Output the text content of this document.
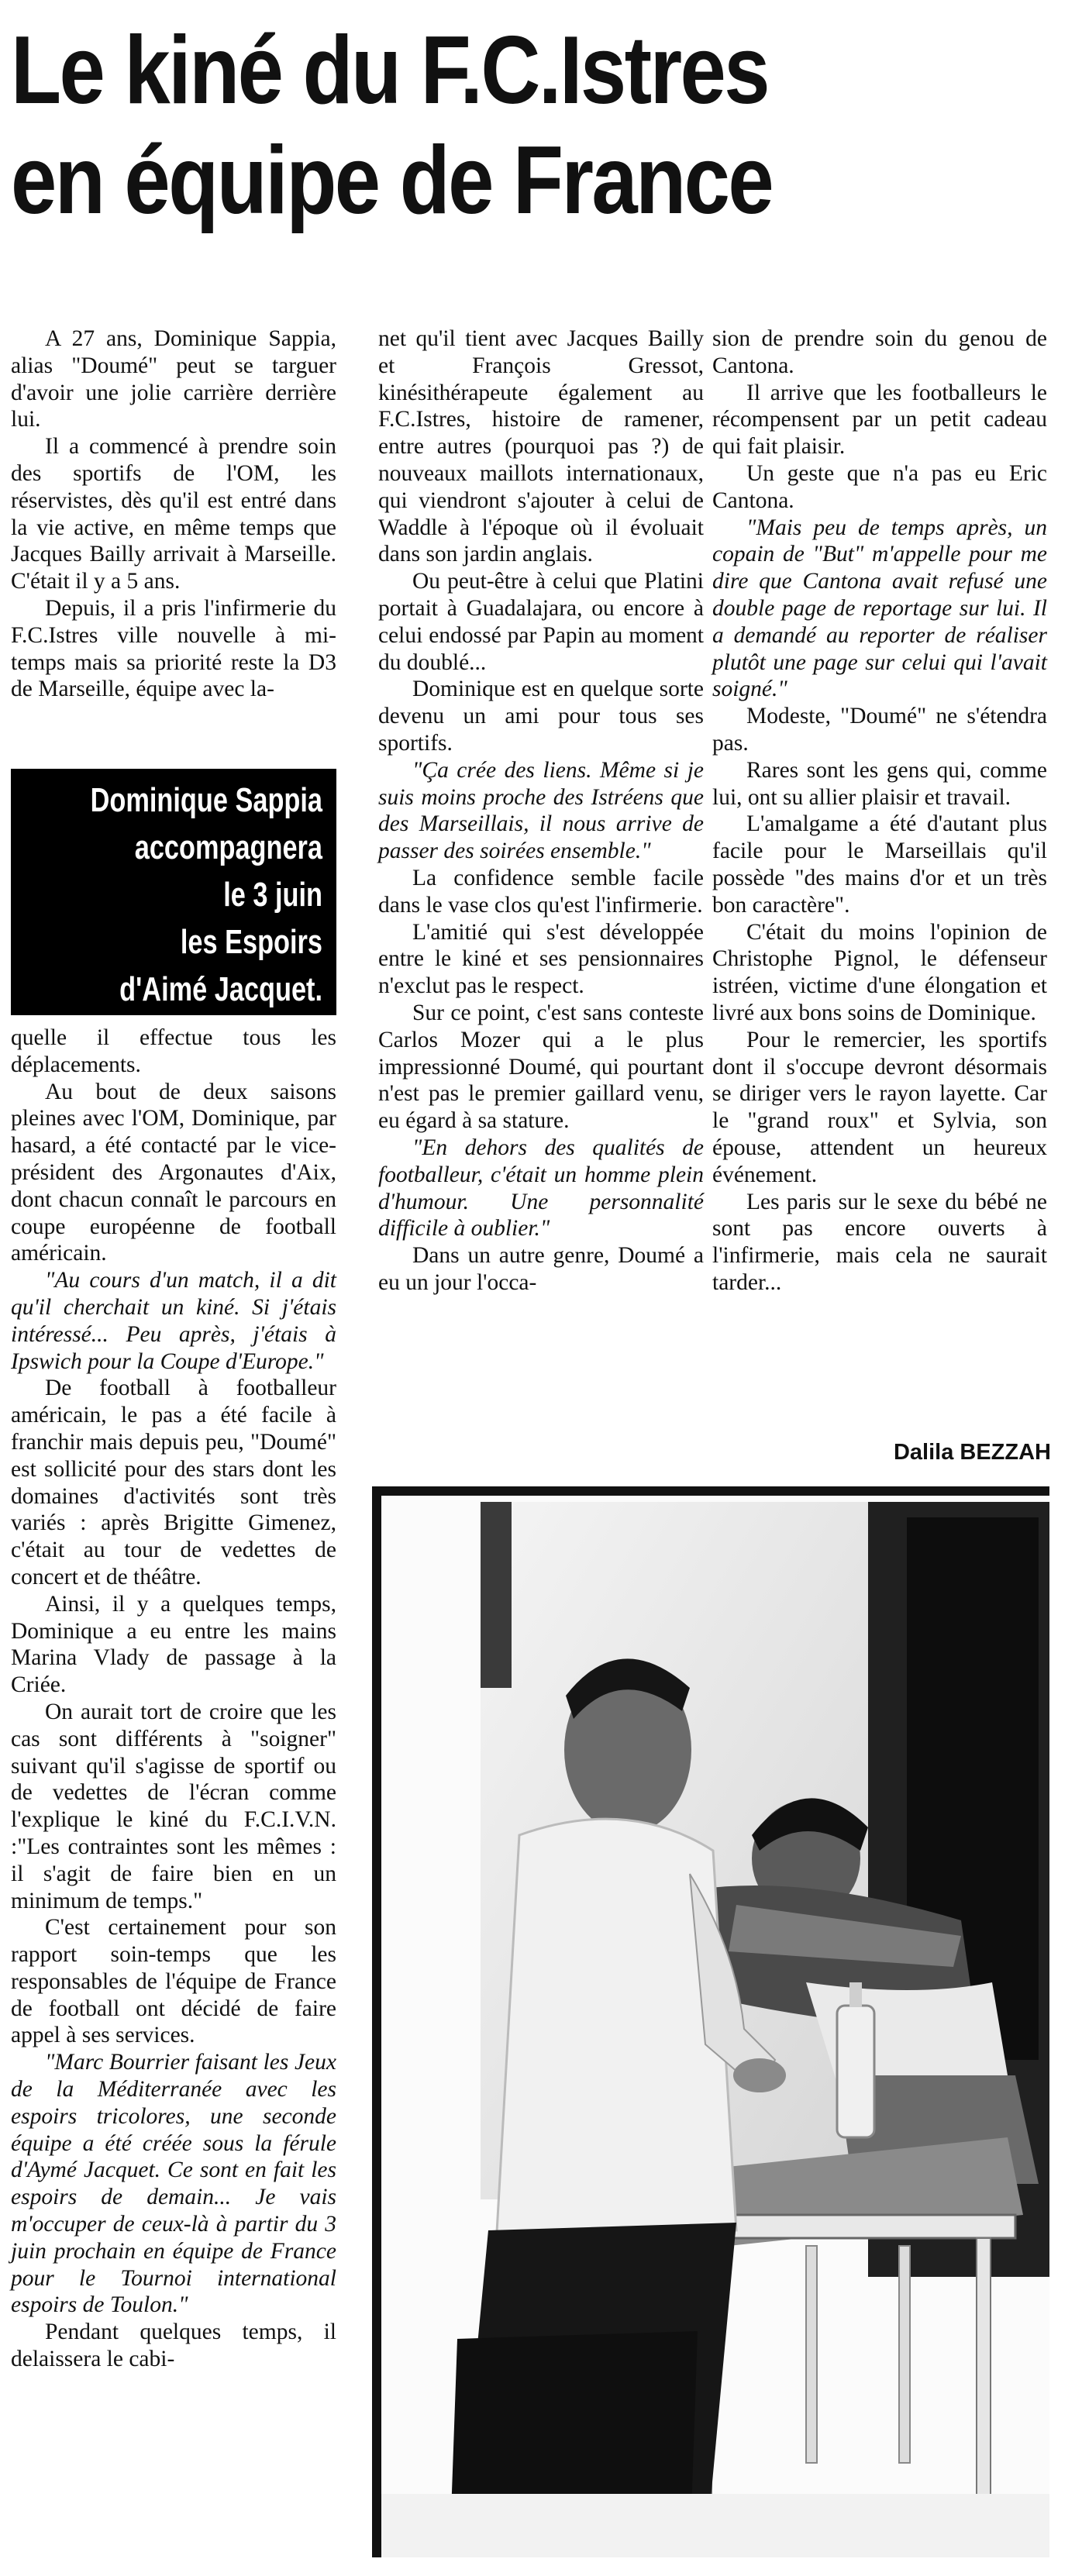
Le kiné du F.C.Istres
en équipe de France

A 27 ans, Dominique Sappia, alias "Doumé" peut se targuer d'avoir une jolie carrière derrière lui.

Il a commencé à prendre soin des sportifs de l'OM, les réservistes, dès qu'il est entré dans la vie active, en même temps que Jacques Bailly arrivait à Marseille. C'était il y a 5 ans.

Depuis, il a pris l'infirmerie du F.C.Istres ville nouvelle à mi-temps mais sa priorité reste la D3 de Marseille, équipe avec la-

Dominique Sappia
accompagnera
le 3 juin
les Espoirs
d'Aimé Jacquet.

quelle il effectue tous les déplacements.

Au bout de deux saisons pleines avec l'OM, Dominique, par hasard, a été contacté par le vice-président des Argonautes d'Aix, dont chacun connaît le parcours en coupe européenne de football américain.

"Au cours d'un match, il a dit qu'il cherchait un kiné. Si j'étais intéressé... Peu après, j'étais à Ipswich pour la Coupe d'Europe."

De football à footballeur américain, le pas a été facile à franchir mais depuis peu, "Doumé" est sollicité pour des stars dont les domaines d'activités sont très variés : après Brigitte Gimenez, c'était au tour de vedettes de concert et de théâtre.

Ainsi, il y a quelques temps, Dominique a eu entre les mains Marina Vlady de passage à la Criée.

On aurait tort de croire que les cas sont différents à "soigner" suivant qu'il s'agisse de sportif ou de vedettes de l'écran comme l'explique le kiné du F.C.I.V.N. :"Les contraintes sont les mêmes : il s'agit de faire bien en un minimum de temps."

C'est certainement pour son rapport soin-temps que les responsables de l'équipe de France de football ont décidé de faire appel à ses services.

"Marc Bourrier faisant les Jeux de la Méditerranée avec les espoirs tricolores, une seconde équipe a été créée sous la férule d'Aymé Jacquet. Ce sont en fait les espoirs de demain... Je vais m'occuper de ceux-là à partir du 3 juin prochain en équipe de France pour le Tournoi international espoirs de Toulon."

Pendant quelques temps, il delaissera le cabi-

net qu'il tient avec Jacques Bailly et François Gressot, kinésithérapeute également au F.C.Istres, histoire de ramener, entre autres (pourquoi pas ?) de nouveaux maillots internationaux, qui viendront s'ajouter à celui de Waddle à l'époque où il évoluait dans son jardin anglais.

Ou peut-être à celui que Platini portait à Guadalajara, ou encore à celui endossé par Papin au moment du doublé...

Dominique est en quelque sorte devenu un ami pour tous ses sportifs.

"Ça crée des liens. Même si je suis moins proche des Istréens que des Marseillais, il nous arrive de passer des soirées ensemble."

La confidence semble facile dans le vase clos qu'est l'infirmerie.

L'amitié qui s'est développée entre le kiné et ses pensionnaires n'exclut pas le respect.

Sur ce point, c'est sans conteste Carlos Mozer qui a le plus impressionné Doumé, qui pourtant n'est pas le premier gaillard venu, eu égard à sa stature.

"En dehors des qualités de footballeur, c'était un homme plein d'humour. Une personnalité difficile à oublier."

Dans un autre genre, Doumé a eu un jour l'occa-

sion de prendre soin du genou de Cantona.

Il arrive que les footballeurs le récompensent par un petit cadeau qui fait plaisir.

Un geste que n'a pas eu Eric Cantona.

"Mais peu de temps après, un copain de "But" m'appelle pour me dire que Cantona avait refusé une double page de reportage sur lui. Il a demandé au reporter de réaliser plutôt une page sur celui qui l'avait soigné."

Modeste, "Doumé" ne s'étendra pas.

Rares sont les gens qui, comme lui, ont su allier plaisir et travail.

L'amalgame a été d'autant plus facile pour le Marseillais qu'il possède "des mains d'or et un très bon caractère".

C'était du moins l'opinion de Christophe Pignol, le défenseur istréen, victime d'une élongation et livré aux bons soins de Dominique.

Pour le remercier, les sportifs dont il s'occupe devront désormais se diriger vers le rayon layette. Car le "grand roux" et Sylvia, son épouse, attendent un heureux événement.

Les paris sur le sexe du bébé ne sont pas encore ouverts à l'infirmerie, mais cela ne saurait tarder...

Dalila BEZZAH
